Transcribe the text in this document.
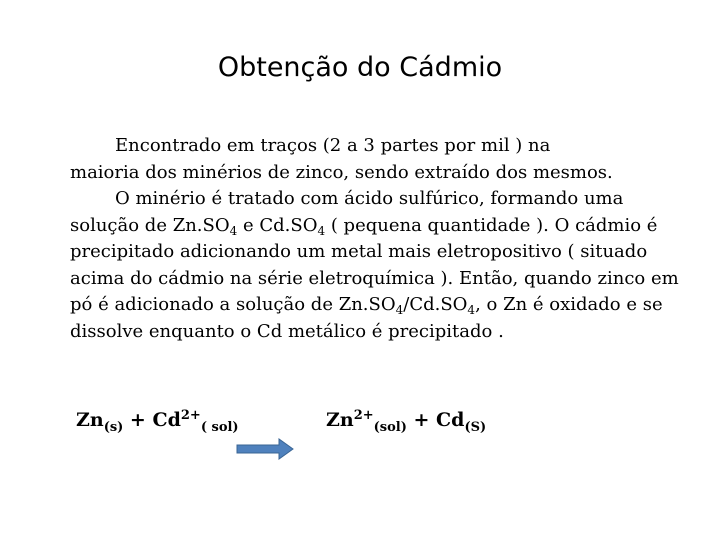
Obtenção do Cádmio

Encontrado em traços (2 a 3 partes por mil ) na
maioria dos minérios de zinco, sendo extraído dos mesmos.

O minério é tratado com ácido sulfúrico, formando uma solução de $Zn.SO_4$ e $Cd.SO_4$ ( pequena quantidade ). O cádmio é precipitado adicionando um metal mais eletropositivo ( situado acima do cádmio na série eletroquímica ). Então, quando zinco em pó é adicionado a solução de $Zn.SO_4/Cd.SO_4$, o Zn é oxidado e se dissolve enquanto o Cd metálico é precipitado .

$Zn_{(s)} + Cd^{2+}_{( sol)}$	$Zn^{2+}_{(sol)} + Cd_{(S)}$
